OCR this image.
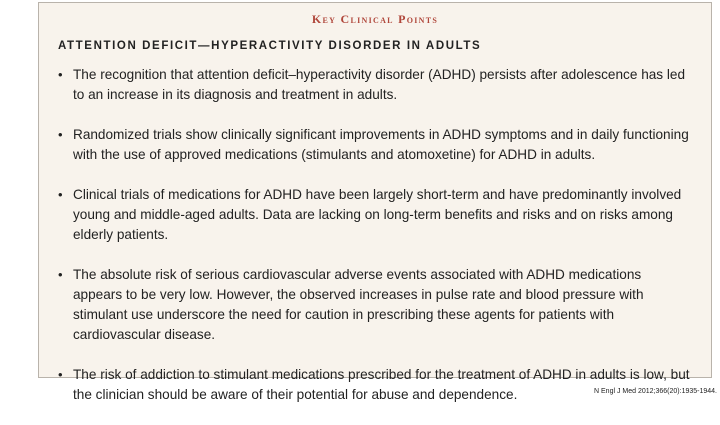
Key Clinical Points
ATTENTION DEFICIT—HYPERACTIVITY DISORDER IN ADULTS
• The recognition that attention deficit–hyperactivity disorder (ADHD) persists after adolescence has led to an increase in its diagnosis and treatment in adults.
• Randomized trials show clinically significant improvements in ADHD symptoms and in daily functioning with the use of approved medications (stimulants and atomoxetine) for ADHD in adults.
• Clinical trials of medications for ADHD have been largely short-term and have predominantly involved young and middle-aged adults. Data are lacking on long-term benefits and risks and on risks among elderly patients.
• The absolute risk of serious cardiovascular adverse events associated with ADHD medications appears to be very low. However, the observed increases in pulse rate and blood pressure with stimulant use underscore the need for caution in prescribing these agents for patients with cardiovascular disease.
• The risk of addiction to stimulant medications prescribed for the treatment of ADHD in adults is low, but the clinician should be aware of their potential for abuse and dependence.	N Engl J Med 2012;366(20):1935-1944.
